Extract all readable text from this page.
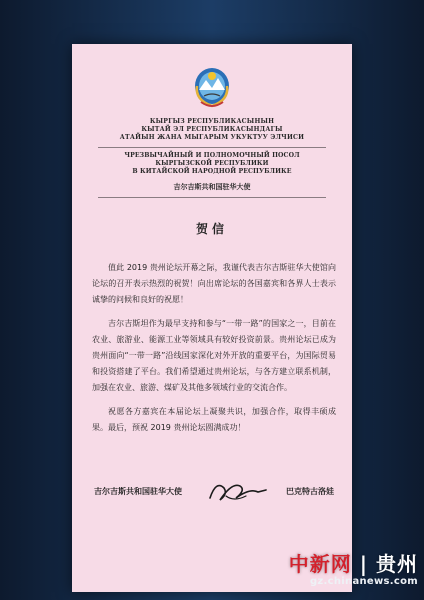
КЫРГЫЗ РЕСПУБЛИКАСЫНЫН
КЫТАЙ ЭЛ РЕСПУБЛИКАСЫНДАГЫ
АТАЙЫН ЖАНА МЫГАРЫМ УКУКТУУ ЭЛЧИСИ
ЧРЕЗВЫЧАЙНЫЙ И ПОЛНОМОЧНЫЙ ПОСОЛ
КЫРГЫЗСКОЙ РЕСПУБЛИКИ
В КИТАЙСКОЙ НАРОДНОЙ РЕСПУБЛИКЕ
吉尔吉斯共和国驻华大使
贺信

值此 2019 贵州论坛开幕之际，我谨代表吉尔吉斯驻华大使馆向论坛的召开表示热烈的祝贺！向出席论坛的各国嘉宾和各界人士表示诚挚的问候和良好的祝愿！

吉尔吉斯坦作为最早支持和参与“一带一路”的国家之一，目前在农业、旅游业、能源工业等领域具有较好投资前景。贵州论坛已成为贵州面向“一带一路”沿线国家深化对外开放的重要平台，为国际贸易和投资搭建了平台。我们希望通过贵州论坛，与各方建立联系机制，加强在农业、旅游、煤矿及其他多领域行业的交流合作。

祝愿各方嘉宾在本届论坛上凝聚共识，加强合作，取得丰硕成果。最后，预祝 2019 贵州论坛圆满成功！

吉尔吉斯共和国驻华大使	巴克特古洛娃
中新网 | 贵州
gz.chinanews.com
